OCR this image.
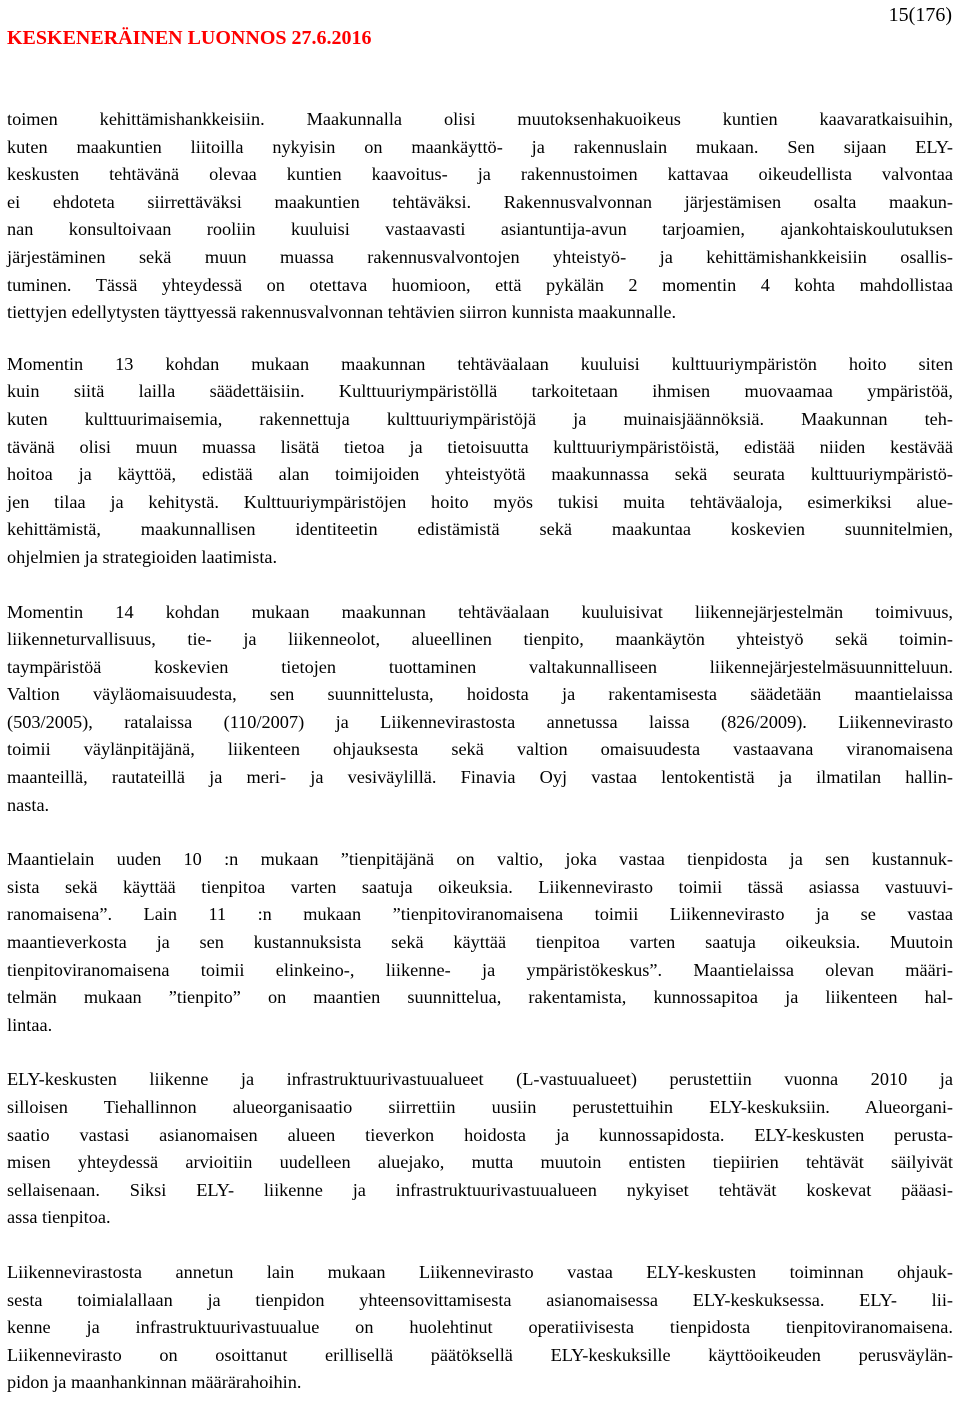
KESKENERÄINEN LUONNOS 27.6.2016
15(176)
toimen kehittämishankkeisiin. Maakunnalla olisi muutoksenhakuoikeus kuntien kaavaratkaisuihin,
kuten maakuntien liitoilla nykyisin on maankäyttö- ja rakennuslain mukaan. Sen sijaan ELY-
keskusten tehtävänä olevaa kuntien kaavoitus- ja rakennustoimen kattavaa oikeudellista valvontaa
ei ehdoteta siirrettäväksi maakuntien tehtäväksi. Rakennusvalvonnan järjestämisen osalta maakun-
nan konsultoivaan rooliin kuuluisi vastaavasti asiantuntija-avun tarjoamien, ajankohtaiskoulutuksen
järjestäminen sekä muun muassa rakennusvalvontojen yhteistyö- ja kehittämishankkeisiin osallis-
tuminen. Tässä yhteydessä on otettava huomioon, että pykälän 2 momentin 4 kohta mahdollistaa
tiettyjen edellytysten täyttyessä rakennusvalvonnan tehtävien siirron kunnista maakunnalle.
Momentin 13 kohdan mukaan maakunnan tehtäväalaan kuuluisi kulttuuriympäristön hoito siten
kuin siitä lailla säädettäisiin. Kulttuuriympäristöllä tarkoitetaan ihmisen muovaamaa ympäristöä,
kuten kulttuurimaisemia, rakennettuja kulttuuriympäristöjä ja muinaisjäännöksiä. Maakunnan teh-
tävänä olisi muun muassa lisätä tietoa ja tietoisuutta kulttuuriympäristöistä, edistää niiden kestävää
hoitoa ja käyttöä, edistää alan toimijoiden yhteistyötä maakunnassa sekä seurata kulttuuriympäristö-
jen tilaa ja kehitystä. Kulttuuriympäristöjen hoito myös tukisi muita tehtäväaloja, esimerkiksi alue-
kehittämistä, maakunnallisen identiteetin edistämistä sekä maakuntaa koskevien suunnitelmien,
ohjelmien ja strategioiden laatimista.
Momentin 14 kohdan mukaan maakunnan tehtäväalaan kuuluisivat liikennejärjestelmän toimivuus,
liikenneturvallisuus, tie- ja liikenneolot, alueellinen tienpito, maankäytön yhteistyö sekä toimin-
taympäristöä koskevien tietojen tuottaminen valtakunnalliseen liikennejärjestelmäsuunnitteluun.
Valtion väyläomaisuudesta, sen suunnittelusta, hoidosta ja rakentamisesta säädetään maantielaissa
(503/2005), ratalaissa (110/2007) ja Liikennevirastosta annetussa laissa (826/2009). Liikennevirasto
toimii väylänpitäjänä, liikenteen ohjauksesta sekä valtion omaisuudesta vastaavana viranomaisena
maanteillä, rautateillä ja meri- ja vesiväylillä. Finavia Oyj vastaa lentokentistä ja ilmatilan hallin-
nasta.
Maantielain uuden 10 :n mukaan ”tienpitäjänä on valtio, joka vastaa tienpidosta ja sen kustannuk-
sista sekä käyttää tienpitoa varten saatuja oikeuksia. Liikennevirasto toimii tässä asiassa vastuuvi-
ranomaisena”. Lain 11 :n mukaan ”tienpitoviranomaisena toimii Liikennevirasto ja se vastaa
maantieverkosta ja sen kustannuksista sekä käyttää tienpitoa varten saatuja oikeuksia. Muutoin
tienpitoviranomaisena toimii elinkeino-, liikenne- ja ympäristökeskus”. Maantielaissa olevan määri-
telmän mukaan ”tienpito” on maantien suunnittelua, rakentamista, kunnossapitoa ja liikenteen hal-
lintaa.
ELY-keskusten liikenne ja infrastruktuurivastuualueet (L-vastuualueet) perustettiin vuonna 2010 ja
silloisen Tiehallinnon alueorganisaatio siirrettiin uusiin perustettuihin ELY-keskuksiin. Alueorgani-
saatio vastasi asianomaisen alueen tieverkon hoidosta ja kunnossapidosta. ELY-keskusten perusta-
misen yhteydessä arvioitiin uudelleen aluejako, mutta muutoin entisten tiepiirien tehtävät säilyivät
sellaisenaan. Siksi ELY- liikenne ja infrastruktuurivastuualueen nykyiset tehtävät koskevat pääasi-
assa tienpitoa.
Liikennevirastosta annetun lain mukaan Liikennevirasto vastaa ELY-keskusten toiminnan ohjauk-
sesta toimialallaan ja tienpidon yhteensovittamisesta asianomaisessa ELY-keskuksessa. ELY- lii-
kenne ja infrastruktuurivastuualue on huolehtinut operatiivisesta tienpidosta tienpitoviranomaisena.
Liikennevirasto on osoittanut erillisellä päätöksellä ELY-keskuksille käyttöoikeuden perusväylän-
pidon ja maanhankinnan määrärahoihin.
